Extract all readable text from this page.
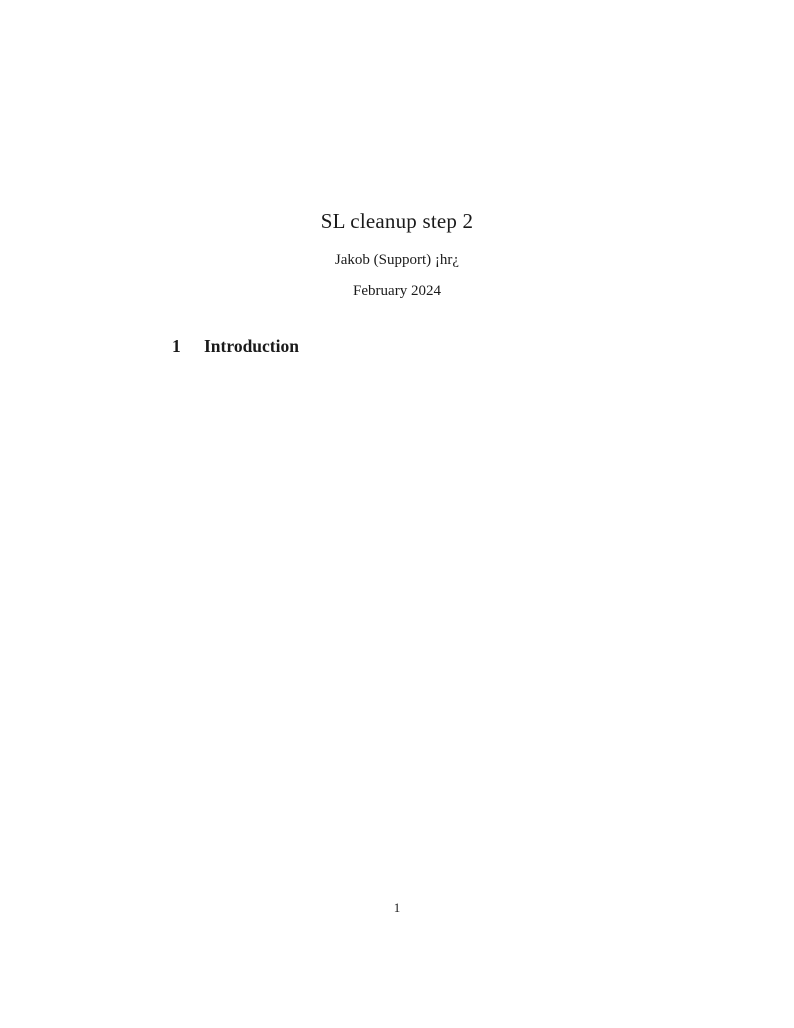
SL cleanup step 2

Jakob (Support) ¡hr¿

February 2024

1	Introduction

1
